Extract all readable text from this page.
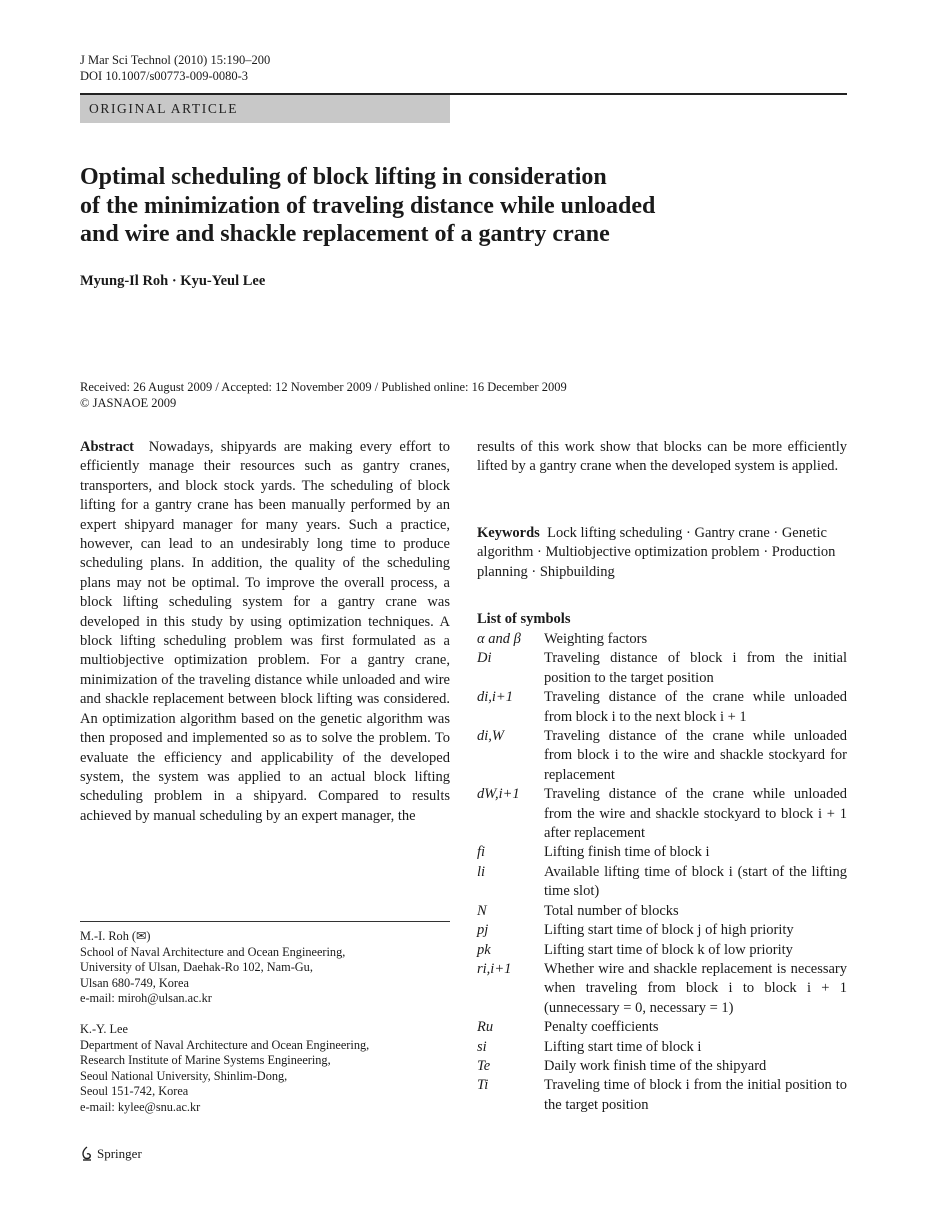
J Mar Sci Technol (2010) 15:190–200
DOI 10.1007/s00773-009-0080-3
ORIGINAL ARTICLE
Optimal scheduling of block lifting in consideration
of the minimization of traveling distance while unloaded
and wire and shackle replacement of a gantry crane
Myung-Il Roh · Kyu-Yeul Lee
Received: 26 August 2009 / Accepted: 12 November 2009 / Published online: 16 December 2009
© JASNAOE 2009
Abstract Nowadays, shipyards are making every effort to efficiently manage their resources such as gantry cranes, transporters, and block stock yards. The scheduling of block lifting for a gantry crane has been manually performed by an expert shipyard manager for many years. Such a practice, however, can lead to an undesirably long time to produce scheduling plans. In addition, the quality of the scheduling plans may not be optimal. To improve the overall process, a block lifting scheduling system for a gantry crane was developed in this study by using optimization techniques. A block lifting scheduling problem was first formulated as a multiobjective optimization problem. For a gantry crane, minimization of the traveling distance while unloaded and wire and shackle replacement between block lifting was considered. An optimization algorithm based on the genetic algorithm was then proposed and implemented so as to solve the problem. To evaluate the efficiency and applicability of the developed system, the system was applied to an actual block lifting scheduling problem in a shipyard. Compared to results achieved by manual scheduling by an expert manager, the
results of this work show that blocks can be more efficiently lifted by a gantry crane when the developed system is applied.
Keywords Lock lifting scheduling · Gantry crane · Genetic algorithm · Multiobjective optimization problem · Production planning · Shipbuilding
List of symbols
α and β	Weighting factors
Di	Traveling distance of block i from the initial position to the target position
di,i+1	Traveling distance of the crane while unloaded from block i to the next block i + 1
di,W	Traveling distance of the crane while unloaded from block i to the wire and shackle stockyard for replacement
dW,i+1	Traveling distance of the crane while unloaded from the wire and shackle stockyard to block i + 1 after replacement
fi	Lifting finish time of block i
li	Available lifting time of block i (start of the lifting time slot)
N	Total number of blocks
pj	Lifting start time of block j of high priority
pk	Lifting start time of block k of low priority
ri,i+1	Whether wire and shackle replacement is necessary when traveling from block i to block i + 1 (unnecessary = 0, necessary = 1)
Ru	Penalty coefficients
si	Lifting start time of block i
Te	Daily work finish time of the shipyard
Ti	Traveling time of block i from the initial position to the target position
M.-I. Roh (✉)
School of Naval Architecture and Ocean Engineering,
University of Ulsan, Daehak-Ro 102, Nam-Gu,
Ulsan 680-749, Korea
e-mail: miroh@ulsan.ac.kr
K.-Y. Lee
Department of Naval Architecture and Ocean Engineering,
Research Institute of Marine Systems Engineering,
Seoul National University, Shinlim-Dong,
Seoul 151-742, Korea
e-mail: kylee@snu.ac.kr
Springer
